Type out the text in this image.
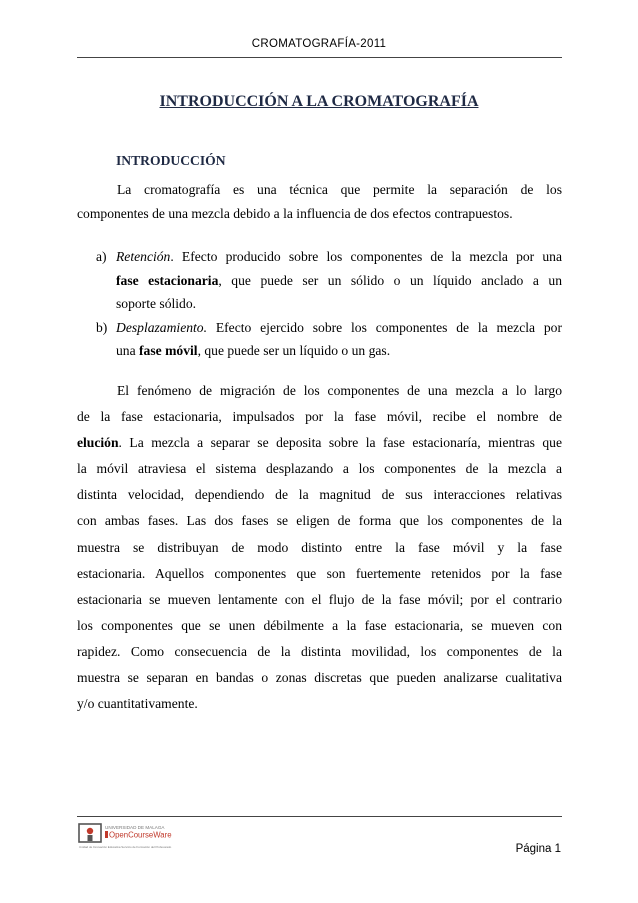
CROMATOGRAFÍA-2011
INTRODUCCIÓN A LA CROMATOGRAFÍA
INTRODUCCIÓN
La cromatografía es una técnica que permite la separación de los
componentes de una mezcla debido a la influencia de dos efectos contrapuestos.
a) Retención. Efecto producido sobre los componentes de la mezcla por una
fase estacionaria, que puede ser un sólido o un líquido anclado a un
soporte sólido.
b) Desplazamiento. Efecto ejercido sobre los componentes de la mezcla por
una fase móvil, que puede ser un líquido o un gas.
El fenómeno de migración de los componentes de una mezcla a lo largo
de la fase estacionaria, impulsados por la fase móvil, recibe el nombre de
elución. La mezcla a separar se deposita sobre la fase estacionaría, mientras que
la móvil atraviesa el sistema desplazando a los componentes de la mezcla a
distinta velocidad, dependiendo de la magnitud de sus interacciones relativas
con ambas fases. Las dos fases se eligen de forma que los componentes de la
muestra se distribuyan de modo distinto entre la fase móvil y la fase
estacionaria. Aquellos componentes que son fuertemente retenidos por la fase
estacionaria se mueven lentamente con el flujo de la fase móvil; por el contrario
los componentes que se unen débilmente a la fase estacionaria, se mueven con
rapidez. Como consecuencia de la distinta movilidad, los componentes de la
muestra se separan en bandas o zonas discretas que pueden analizarse cualitativa
y/o cuantitativamente.
UNIVERSIDAD DE MALAGA
OpenCourseWare
Unidad de Innovación Educativa Servicio de Formación del Profesorado	Página 1
